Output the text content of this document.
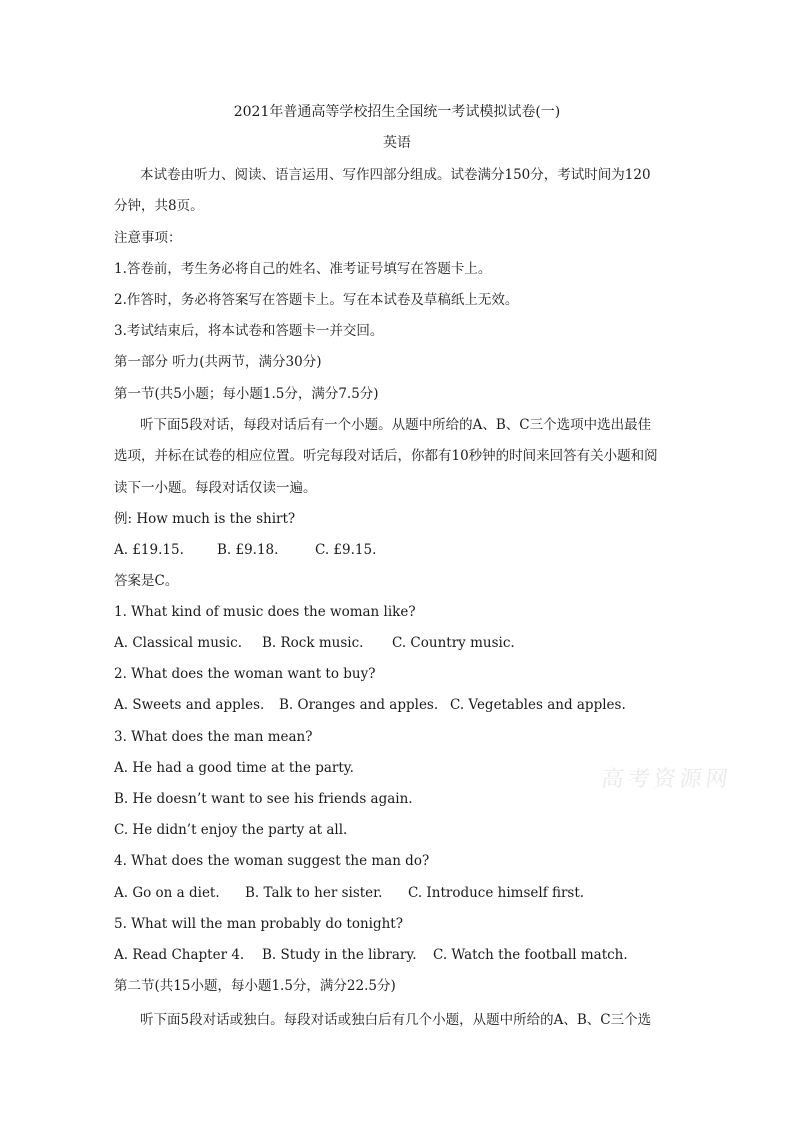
2021年普通高等学校招生全国统一考试模拟试卷(一)
英语
本试卷由听力、阅读、语言运用、写作四部分组成。试卷满分150分，考试时间为120
分钟，共8页。
注意事项：
1.答卷前，考生务必将自己的姓名、准考证号填写在答题卡上。
2.作答时，务必将答案写在答题卡上。写在本试卷及草稿纸上无效。
3.考试结束后，将本试卷和答题卡一并交回。
第一部分 听力(共两节，满分30分)
第一节(共5小题；每小题1.5分，满分7.5分)
听下面5段对话，每段对话后有一个小题。从题中所给的A、B、C三个选项中选出最佳
选项，并标在试卷的相应位置。听完每段对话后，你都有10秒钟的时间来回答有关小题和阅
读下一小题。每段对话仅读一遍。
例: How much is the shirt?
A. £19.15. B. £9.18.	C. £9.15.
答案是C。
1. What kind of music does the woman like?
A. Classical music. B. Rock music. C. Country music.
2. What does the woman want to buy?
A. Sweets and apples. B. Oranges and apples. C. Vegetables and apples.
3. What does the man mean?
A. He had a good time at the party.
B. He doesn’t want to see his friends again.
C. He didn’t enjoy the party at all.
4. What does the woman suggest the man do?
A. Go on a diet. B. Talk to her sister. C. Introduce himself first.
5. What will the man probably do tonight?
A. Read Chapter 4. B. Study in the library. C. Watch the football match.
第二节(共15小题，每小题1.5分，满分22.5分)
听下面5段对话或独白。每段对话或独白后有几个小题，从题中所给的A、B、C三个选
高考资源网
